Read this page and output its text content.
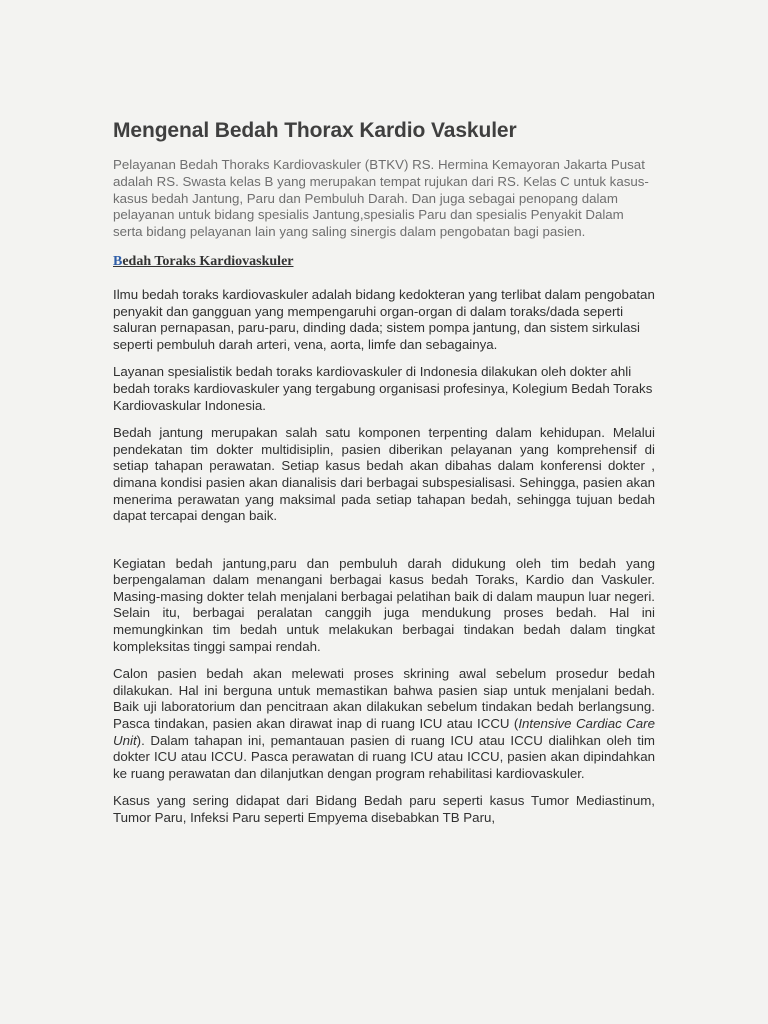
Mengenal Bedah Thorax Kardio Vaskuler

Pelayanan Bedah Thoraks Kardiovaskuler (BTKV) RS. Hermina Kemayoran Jakarta Pusat adalah RS. Swasta kelas B yang merupakan tempat rujukan dari RS. Kelas C untuk kasus-kasus bedah Jantung, Paru dan Pembuluh Darah. Dan juga sebagai penopang dalam pelayanan untuk bidang spesialis Jantung,spesialis Paru dan spesialis Penyakit Dalam serta bidang pelayanan lain yang saling sinergis dalam pengobatan bagi pasien.

Bedah Toraks Kardiovaskuler

Ilmu bedah toraks kardiovaskuler adalah bidang kedokteran yang terlibat dalam pengobatan penyakit dan gangguan yang mempengaruhi organ-organ di dalam toraks/dada seperti saluran pernapasan, paru-paru, dinding dada; sistem pompa jantung, dan sistem sirkulasi seperti pembuluh darah arteri, vena, aorta, limfe dan sebagainya.

Layanan spesialistik bedah toraks kardiovaskuler di Indonesia dilakukan oleh dokter ahli bedah toraks kardiovaskuler yang tergabung organisasi profesinya, Kolegium Bedah Toraks Kardiovaskular Indonesia.

Bedah jantung merupakan salah satu komponen terpenting dalam kehidupan. Melalui pendekatan tim dokter multidisiplin, pasien diberikan pelayanan yang komprehensif di setiap tahapan perawatan. Setiap kasus bedah akan dibahas dalam konferensi dokter , dimana kondisi pasien akan dianalisis dari berbagai subspesialisasi. Sehingga, pasien akan menerima perawatan yang maksimal pada setiap tahapan bedah, sehingga tujuan bedah dapat tercapai dengan baik.

Kegiatan bedah jantung,paru dan pembuluh darah didukung oleh tim bedah yang berpengalaman dalam menangani berbagai kasus bedah Toraks, Kardio dan Vaskuler. Masing-masing dokter telah menjalani berbagai pelatihan baik di dalam maupun luar negeri. Selain itu, berbagai peralatan canggih juga mendukung proses bedah. Hal ini memungkinkan tim bedah untuk melakukan berbagai tindakan bedah dalam tingkat kompleksitas tinggi sampai rendah.

Calon pasien bedah akan melewati proses skrining awal sebelum prosedur bedah dilakukan. Hal ini berguna untuk memastikan bahwa pasien siap untuk menjalani bedah. Baik uji laboratorium dan pencitraan akan dilakukan sebelum tindakan bedah berlangsung. Pasca tindakan, pasien akan dirawat inap di ruang ICU atau ICCU (Intensive Cardiac Care Unit). Dalam tahapan ini, pemantauan pasien di ruang ICU atau ICCU dialihkan oleh tim dokter ICU atau ICCU. Pasca perawatan di ruang ICU atau ICCU, pasien akan dipindahkan ke ruang perawatan dan dilanjutkan dengan program rehabilitasi kardiovaskuler.

Kasus yang sering didapat dari Bidang Bedah paru seperti kasus Tumor Mediastinum, Tumor Paru, Infeksi Paru seperti Empyema disebabkan TB Paru,
